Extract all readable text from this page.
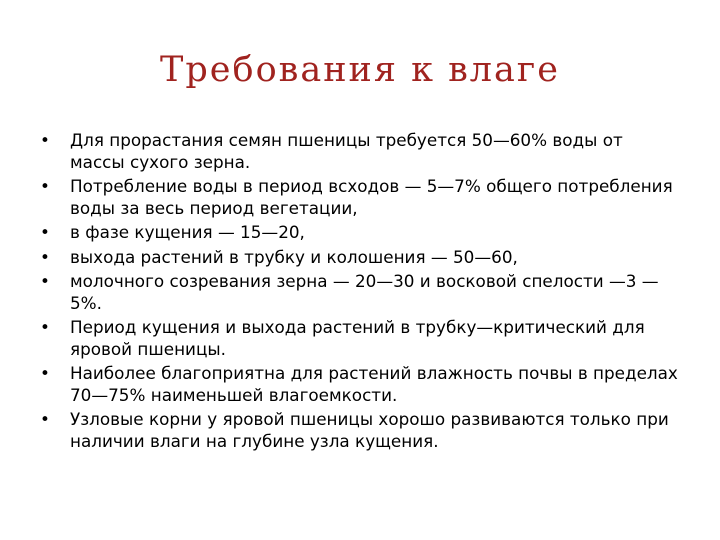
Требования к влаге
• Для прорастания семян пшеницы требуется 50—60% воды от массы сухого зерна.
• Потребление воды в период всходов — 5—7% общего потребления воды за весь период вегетации,
• в фазе кущения — 15—20,
• выхода растений в трубку и колошения — 50—60,
• молочного созревания зерна — 20—30 и восковой спелости —3 —5%.
• Период кущения и выхода растений в трубку—критический для яровой пшеницы.
• Наиболее благоприятна для растений влажность почвы в пределах 70—75% наименьшей влагоемкости.
• Узловые корни у яровой пшеницы хорошо развиваются только при наличии влаги на глубине узла кущения.
